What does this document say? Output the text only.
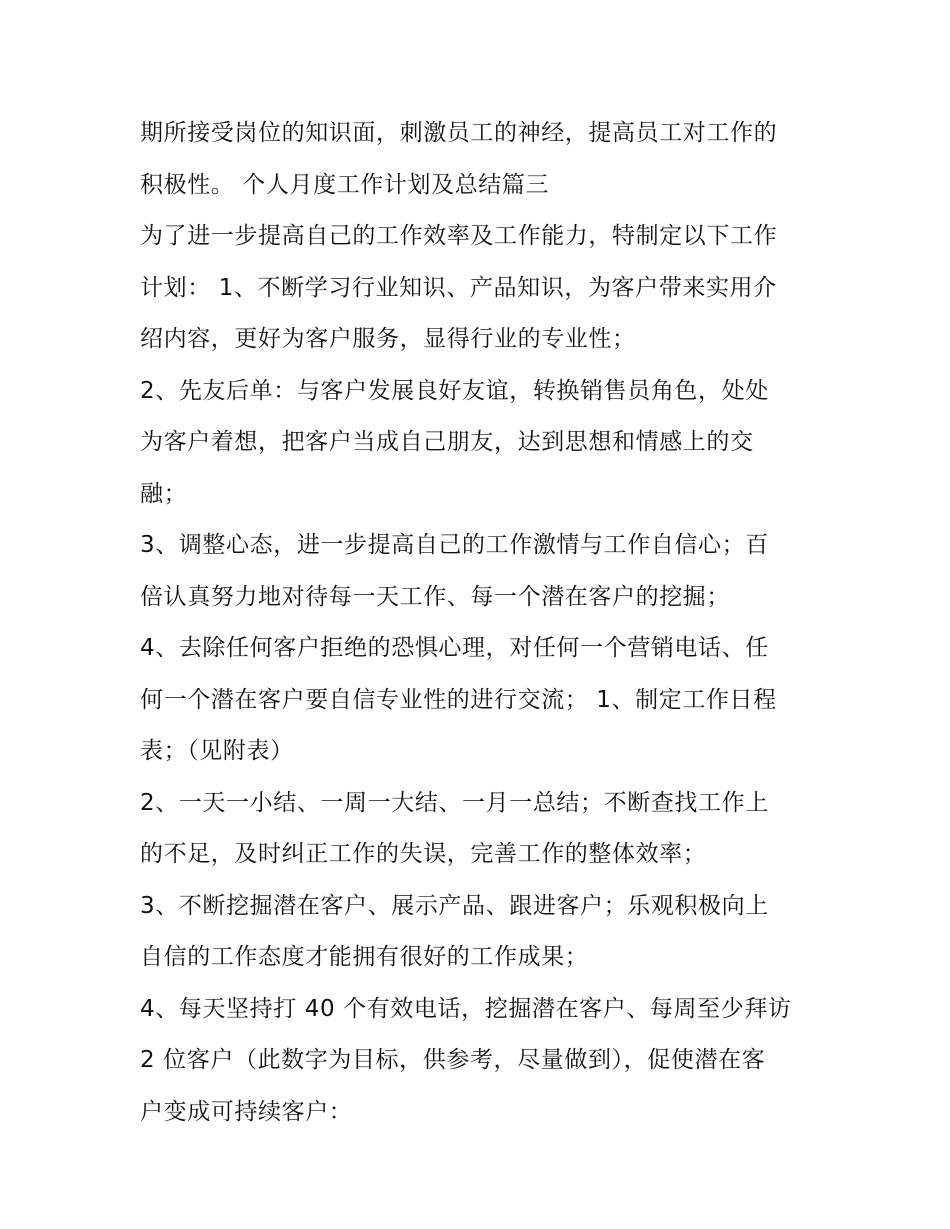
期所接受岗位的知识面，刺激员工的神经，提高员工对工作的
积极性。 个人月度工作计划及总结篇三
为了进一步提高自己的工作效率及工作能力，特制定以下工作
计划： 1、不断学习行业知识、产品知识，为客户带来实用介
绍内容，更好为客户服务，显得行业的专业性；
2、先友后单：与客户发展良好友谊，转换销售员角色，处处
为客户着想，把客户当成自己朋友，达到思想和情感上的交
融；
3、调整心态，进一步提高自己的工作激情与工作自信心；百
倍认真努力地对待每一天工作、每一个潜在客户的挖掘；
4、去除任何客户拒绝的恐惧心理，对任何一个营销电话、任
何一个潜在客户要自信专业性的进行交流； 1、制定工作日程
表；（见附表）
2、一天一小结、一周一大结、一月一总结；不断查找工作上
的不足，及时纠正工作的失误，完善工作的整体效率；
3、不断挖掘潜在客户、展示产品、跟进客户；乐观积极向上
自信的工作态度才能拥有很好的工作成果；
4、每天坚持打 40 个有效电话，挖掘潜在客户、每周至少拜访
2 位客户（此数字为目标，供参考，尽量做到），促使潜在客
户变成可持续客户：
